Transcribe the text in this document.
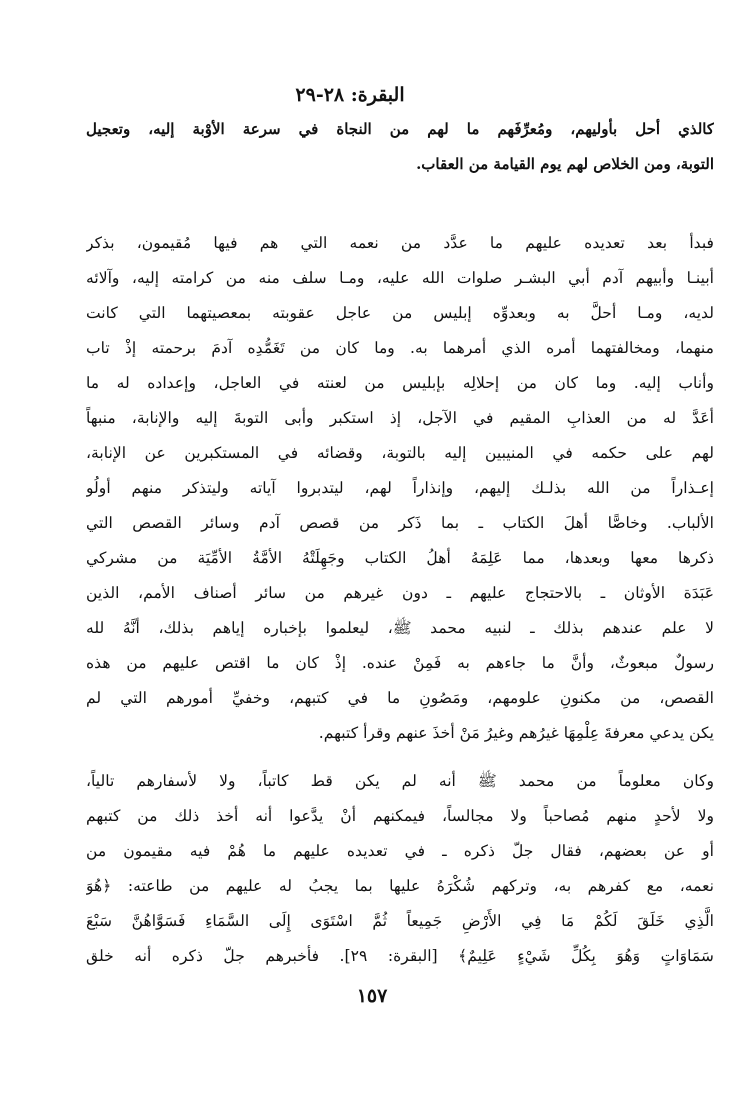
البقرة: ٢٨-٢٩
كالذي أحل بأوليهم، ومُعرِّفَهم ما لهم من النجاة في سرعة الأوْبة إليه، وتعجيل
التوبة، ومن الخلاص لهم يوم القيامة من العقاب.
فبدأ بعد تعديده عليهم ما عدَّد من نعمه التي هم فيها مُقيمون، بذكر
أبينـا وأبيهم آدم أبي البشـر صلوات الله عليه، ومـا سلف منه من كرامته إليه، وآلائه
لديه، ومـا أحلَّ به وبعدوِّه إبليس من عاجل عقوبته بمعصيتهما التي كانت
منهما، ومخالفتهما أمره الذي أمرهما به. وما كان من تَغَمُّدِه آدمَ برحمته إذْ تاب
وأناب إليه. وما كان من إحلالِه بإبليس من لعنته في العاجل، وإعداده له ما
أعَدَّ له من العذابِ المقيم في الآجل، إذ استكبر وأبى التوبةَ إليه والإنابة، منبهاً
لهم على حكمه في المنيبين إليه بالتوبة، وقضائه في المستكبرين عن الإنابة،
إعـذاراً من الله بذلـك إليهم، وإنذاراً لهم، ليتدبروا آياته وليتذكر منهم أولُو
الألباب. وخاصًّا أهلَ الكتاب ـ بما ذَكر من قصص آدم وسائر القصص التي
ذكرها معها وبعدها، مما عَلِمَهُ أهلُ الكتاب وجَهِلَتْهُ الأمَّةُ الأمِّيَة من مشركي
عَبَدَة الأوثان ـ بالاحتجاج عليهم ـ دون غيرهم من سائر أصناف الأمم، الذين
لا علم عندهم بذلك ـ لنبيه محمد ﷺ، ليعلموا بإخباره إياهم بذلك، أنَّهُ لله
رسولٌ مبعوثٌ، وأنَّ ما جاءهم به فَمِنْ عنده. إذْ كان ما اقتص عليهم من هذه
القصص، من مكنونِ علومهم، ومَصُونِ ما في كتبهم، وخفيِّ أمورهم التي لم
يكن يدعي معرفةَ عِلْمِهَا غيرُهم وغيرُ مَنْ أخذَ عنهم وقرأ كتبهم.
وكان معلوماً من محمد ﷺ أنه لم يكن قط كاتباً، ولا لأسفارهم تالياً،
ولا لأحدٍ منهم مُصاحباً ولا مجالساً، فيمكنهم أنْ يدَّعوا أنه أخذ ذلك من كتبهم
أو عن بعضهم، فقال جلّ ذكره ـ في تعديده عليهم ما هُمْ فيه مقيمون من
نعمه، مع كفرهم به، وتركهم شُكْرَهُ عليها بما يجبُ له عليهم من طاعته: ﴿هُوَ
الَّذِي خَلَقَ لَكُمْ مَا فِي الأَرْضِ جَمِيعاً ثُمَّ اسْتَوَى إِلَى السَّمَاءِ فَسَوَّاهُنَّ سَبْعَ
سَمَاوَاتٍ وَهُوَ بِكُلِّ شَيْءٍ عَلِيمٌ﴾ [البقرة: ٢٩]. فأخبرهم جلّ ذكره أنه خلق
١٥٧
